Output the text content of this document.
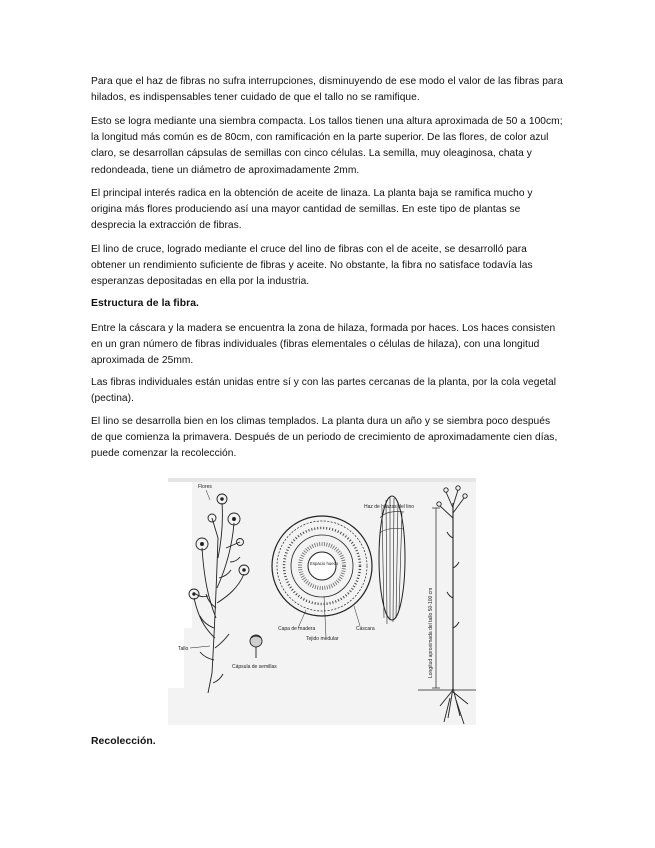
Para que el haz de fibras no sufra interrupciones, disminuyendo de ese modo el valor de las fibras para hilados, es indispensables tener cuidado de que el tallo no se ramifique.

Esto se logra mediante una siembra compacta. Los tallos tienen una altura aproximada de 50 a 100cm; la longitud más común es de 80cm, con ramificación en la parte superior. De las flores, de color azul claro, se desarrollan cápsulas de semillas con cinco células. La semilla, muy oleaginosa, chata y redondeada, tiene un diámetro de aproximadamente 2mm.

El principal interés radica en la obtención de aceite de linaza. La planta baja se ramifica mucho y origina más flores produciendo así una mayor cantidad de semillas. En este tipo de plantas se desprecia la extracción de fibras.

El lino de cruce, logrado mediante el cruce del lino de fibras con el de aceite, se desarrolló para obtener un rendimiento suficiente de fibras y aceite. No obstante, la fibra no satisface todavía las esperanzas depositadas en ella por la industria.

Estructura de la fibra.

Entre la cáscara y la madera se encuentra la zona de hilaza, formada por haces. Los haces consisten en un gran número de fibras individuales (fibras elementales o células de hilaza), con una longitud aproximada de 25mm.

Las fibras individuales están unidas entre sí y con las partes cercanas de la planta, por la cola vegetal (pectina).

El lino se desarrolla bien en los climas templados. La planta dura un año y se siembra poco después de que comienza la primavera. Después de un periodo de crecimiento de aproximadamente cien días, puede comenzar la recolección.

Flores
Tallo
Cápsula de semillas
Espacio hueco
Capa de madera
Tejido medular
Cáscara
Haz de hilazas del lino
Longitud aproximada del tallo 50-100 cm

Recolección.
